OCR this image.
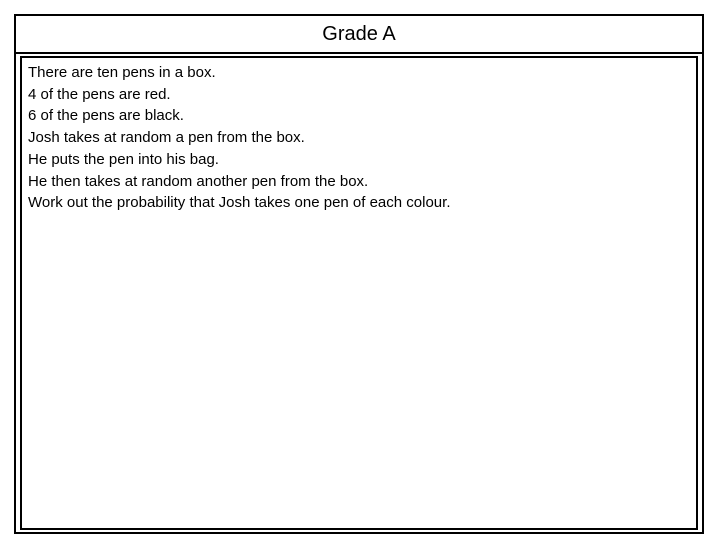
Grade A
There are ten pens in a box.
4 of the pens are red.
6 of the pens are black.
Josh takes at random a pen from the box.
He puts the pen into his bag.
He then takes at random another pen from the box.
Work out the probability that Josh takes one pen of each colour.
